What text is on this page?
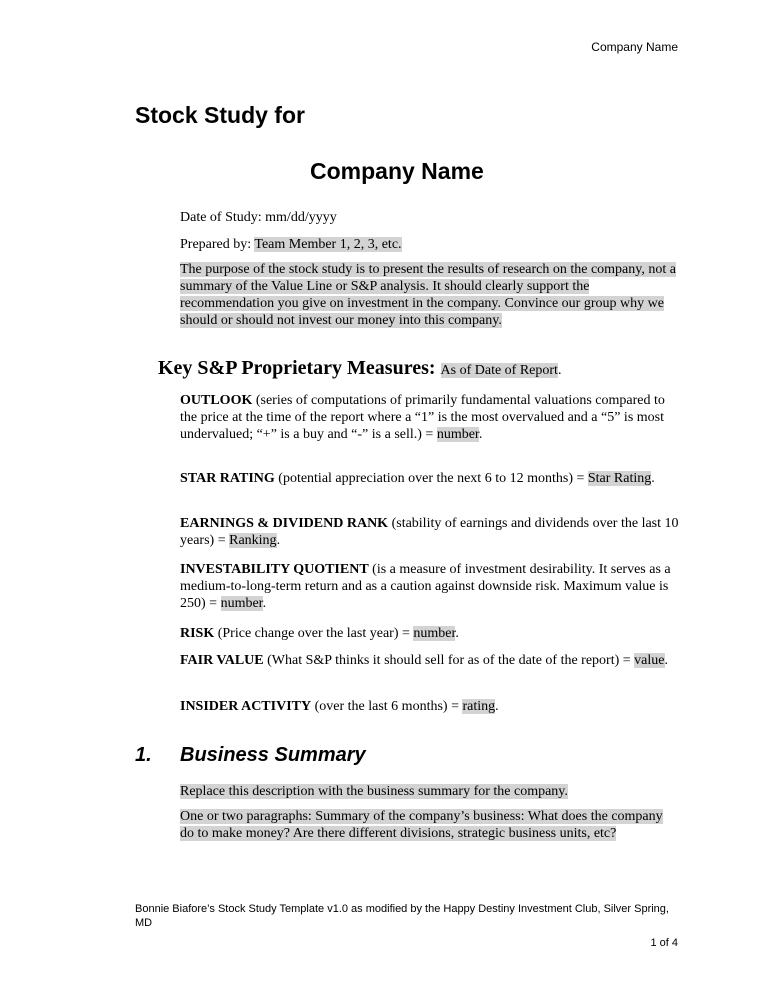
Company Name
Stock Study for
Company Name
Date of Study: mm/dd/yyyy
Prepared by: Team Member 1, 2, 3, etc.
The purpose of the stock study is to present the results of research on the company, not a summary of the Value Line or S&P analysis. It should clearly support the recommendation you give on investment in the company. Convince our group why we should or should not invest our money into this company.
Key S&P Proprietary Measures: As of Date of Report.
OUTLOOK (series of computations of primarily fundamental valuations compared to the price at the time of the report where a “1” is the most overvalued and a “5” is most undervalued; “+” is a buy and “-” is a sell.) = number.
STAR RATING (potential appreciation over the next 6 to 12 months) = Star Rating.
EARNINGS & DIVIDEND RANK (stability of earnings and dividends over the last 10 years) = Ranking.
INVESTABILITY QUOTIENT (is a measure of investment desirability. It serves as a medium-to-long-term return and as a caution against downside risk. Maximum value is 250) = number.
RISK (Price change over the last year) = number.
FAIR VALUE (What S&P thinks it should sell for as of the date of the report) = value.
INSIDER ACTIVITY (over the last 6 months) = rating.
1. Business Summary
Replace this description with the business summary for the company.
One or two paragraphs: Summary of the company’s business: What does the company do to make money? Are there different divisions, strategic business units, etc?
Bonnie Biafore’s Stock Study Template v1.0 as modified by the Happy Destiny Investment Club, Silver Spring, MD
1 of 4
